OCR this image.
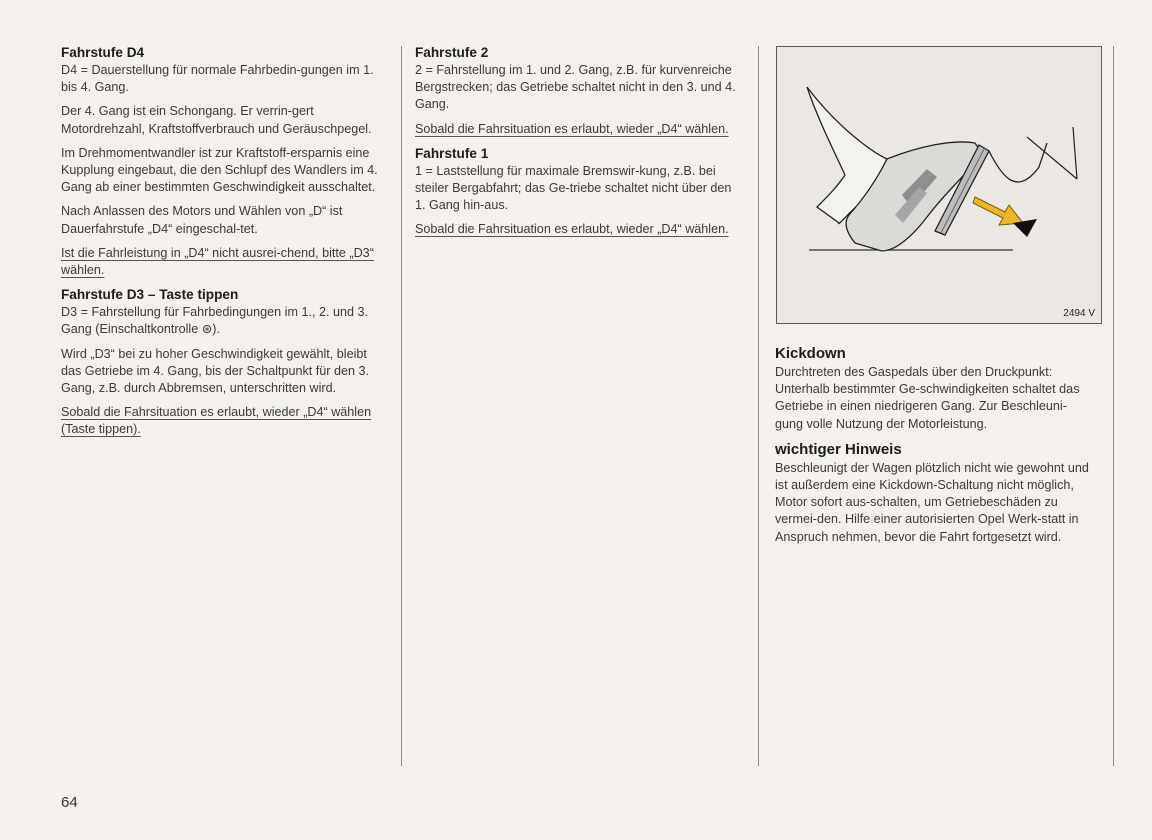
Fahrstufe D4

D4 = Dauerstellung für normale Fahrbedin-gungen im 1. bis 4. Gang.

Der 4. Gang ist ein Schongang. Er verrin-gert Motordrehzahl, Kraftstoffverbrauch und Geräuschpegel.

Im Drehmomentwandler ist zur Kraftstoff-ersparnis eine Kupplung eingebaut, die den Schlupf des Wandlers im 4. Gang ab einer bestimmten Geschwindigkeit ausschaltet.

Nach Anlassen des Motors und Wählen von „D“ ist Dauerfahrstufe „D4“ eingeschal-tet.

Ist die Fahrleistung in „D4“ nicht ausrei-chend, bitte „D3“ wählen.

Fahrstufe D3 – Taste tippen

D3 = Fahrstellung für Fahrbedingungen im 1., 2. und 3. Gang (Einschaltkontrolle ⊛).

Wird „D3“ bei zu hoher Geschwindigkeit gewählt, bleibt das Getriebe im 4. Gang, bis der Schaltpunkt für den 3. Gang, z.B. durch Abbremsen, unterschritten wird.

Sobald die Fahrsituation es erlaubt, wieder „D4“ wählen (Taste tippen).

Fahrstufe 2

2 = Fahrstellung im 1. und 2. Gang, z.B. für kurvenreiche Bergstrecken; das Getriebe schaltet nicht in den 3. und 4. Gang.

Sobald die Fahrsituation es erlaubt, wieder „D4“ wählen.

Fahrstufe 1

1 = Laststellung für maximale Bremswir-kung, z.B. bei steiler Bergabfahrt; das Ge-triebe schaltet nicht über den 1. Gang hin-aus.

Sobald die Fahrsituation es erlaubt, wieder „D4“ wählen.

2494 V
Kickdown

Durchtreten des Gaspedals über den Druckpunkt: Unterhalb bestimmter Ge-schwindigkeiten schaltet das Getriebe in einen niedrigeren Gang. Zur Beschleuni-gung volle Nutzung der Motorleistung.

wichtiger Hinweis

Beschleunigt der Wagen plötzlich nicht wie gewohnt und ist außerdem eine Kickdown-Schaltung nicht möglich, Motor sofort aus-schalten, um Getriebeschäden zu vermei-den. Hilfe einer autorisierten Opel Werk-statt in Anspruch nehmen, bevor die Fahrt fortgesetzt wird.

64
